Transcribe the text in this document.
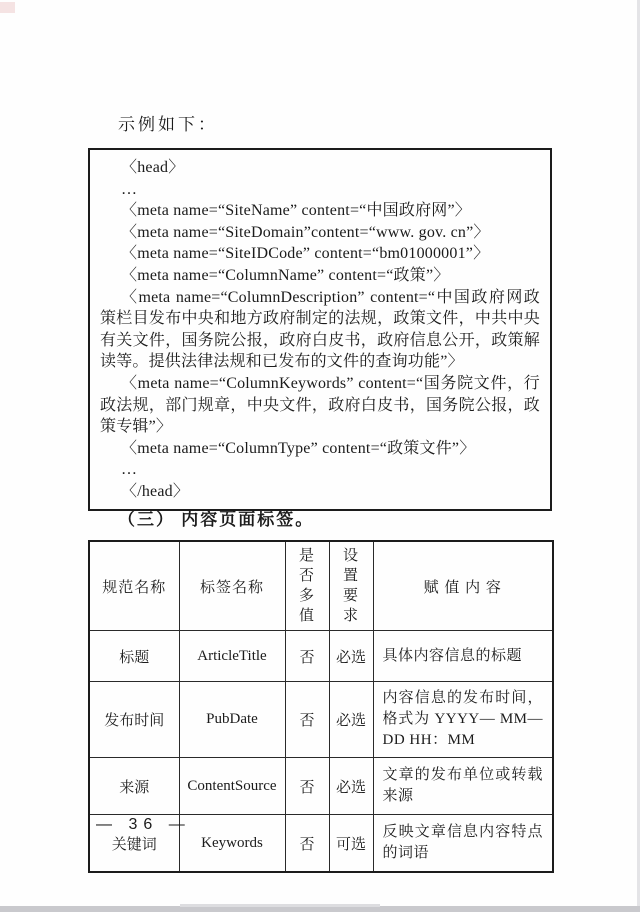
示例如下：

〈head〉

…

〈meta name=“SiteName” content=“中国政府网”〉

〈meta name=“SiteDomain”content=“www. gov. cn”〉

〈meta name=“SiteIDCode” content=“bm01000001”〉

〈meta name=“ColumnName” content=“政策”〉

〈meta name=“ColumnDescription” content=“中国政府网政策栏目发布中央和地方政府制定的法规，政策文件，中共中央有关文件，国务院公报，政府白皮书，政府信息公开，政策解读等。提供法律法规和已发布的文件的查询功能”〉

〈meta name=“ColumnKeywords” content=“国务院文件，行政法规，部门规章，中央文件，政府白皮书，国务院公报，政策专辑”〉

〈meta name=“ColumnType” content=“政策文件”〉

…

〈/head〉

（三） 内容页面标签。
规范名称	标签名称	是否多值	设置要求	赋 值 内 容
标题	ArticleTitle	否	必选	具体内容信息的标题
发布时间	PubDate	否	必选	内容信息的发布时间，格式为 YYYY— MM—DD HH：MM
来源	ContentSource	否	必选	文章的发布单位或转载来源
关键词	Keywords	否	可选	反映文章信息内容特点的词语
— 36 —
